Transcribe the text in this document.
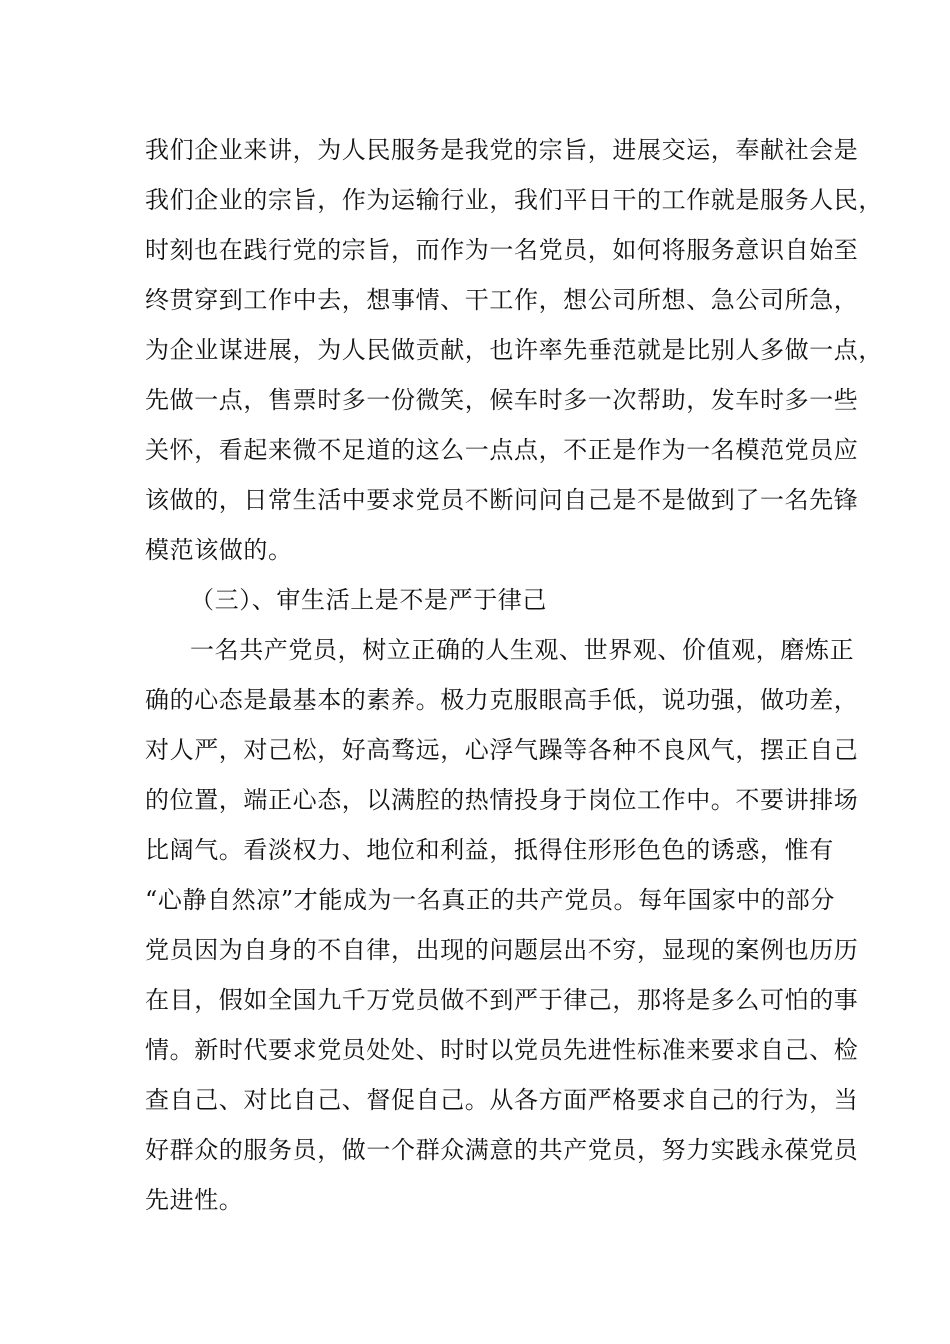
我们企业来讲，为人民服务是我党的宗旨，进展交运，奉献社会是

我们企业的宗旨，作为运输行业，我们平日干的工作就是服务人民，

时刻也在践行党的宗旨，而作为一名党员，如何将服务意识自始至

终贯穿到工作中去，想事情、干工作，想公司所想、急公司所急，

为企业谋进展，为人民做贡献，也许率先垂范就是比别人多做一点，

先做一点，售票时多一份微笑，候车时多一次帮助，发车时多一些

关怀，看起来微不足道的这么一点点，不正是作为一名模范党员应

该做的，日常生活中要求党员不断问问自己是不是做到了一名先锋

模范该做的。

（三）、审生活上是不是严于律己

一名共产党员，树立正确的人生观、世界观、价值观，磨炼正

确的心态是最基本的素养。极力克服眼高手低，说功强，做功差，

对人严，对己松，好高骛远，心浮气躁等各种不良风气，摆正自己

的位置，端正心态，以满腔的热情投身于岗位工作中。不要讲排场

比阔气。看淡权力、地位和利益，抵得住形形色色的诱惑，惟有

“心静自然凉”才能成为一名真正的共产党员。每年国家中的部分

党员因为自身的不自律，出现的问题层出不穷，显现的案例也历历

在目，假如全国九千万党员做不到严于律己，那将是多么可怕的事

情。新时代要求党员处处、时时以党员先进性标准来要求自己、检

查自己、对比自己、督促自己。从各方面严格要求自己的行为，当

好群众的服务员，做一个群众满意的共产党员，努力实践永葆党员

先进性。
